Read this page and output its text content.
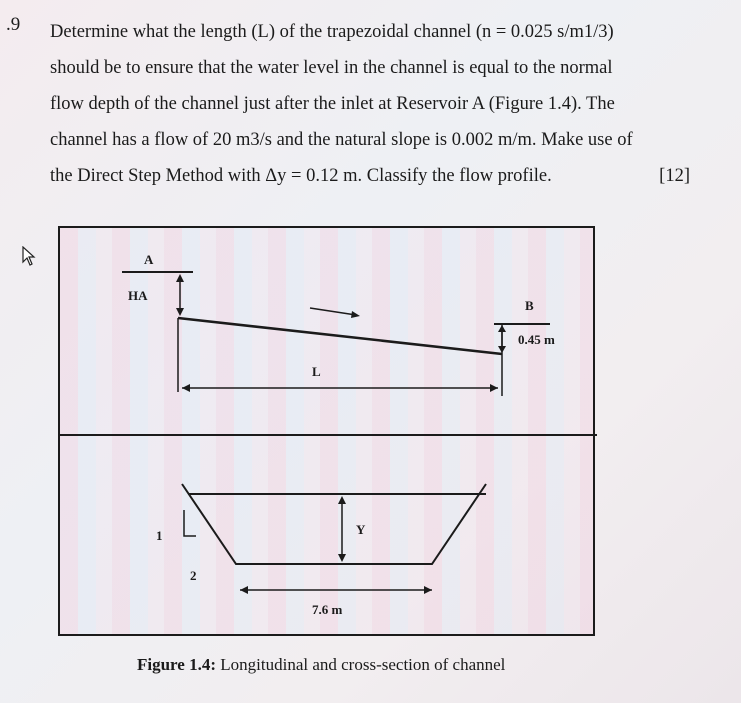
.9 Determine what the length (L) of the trapezoidal channel (n = 0.025 s/m1/3)
should be to ensure that the water level in the channel is equal to the normal
flow depth of the channel just after the inlet at Reservoir A (Figure 1.4). The
channel has a flow of 20 m3/s and the natural slope is 0.002 m/m. Make use of
the Direct Step Method with Δy = 0.12 m. Classify the flow profile.	[12]
A
HA
B
0.45 m
L
1
2
Y
7.6 m
Figure 1.4: Longitudinal and cross-section of channel
